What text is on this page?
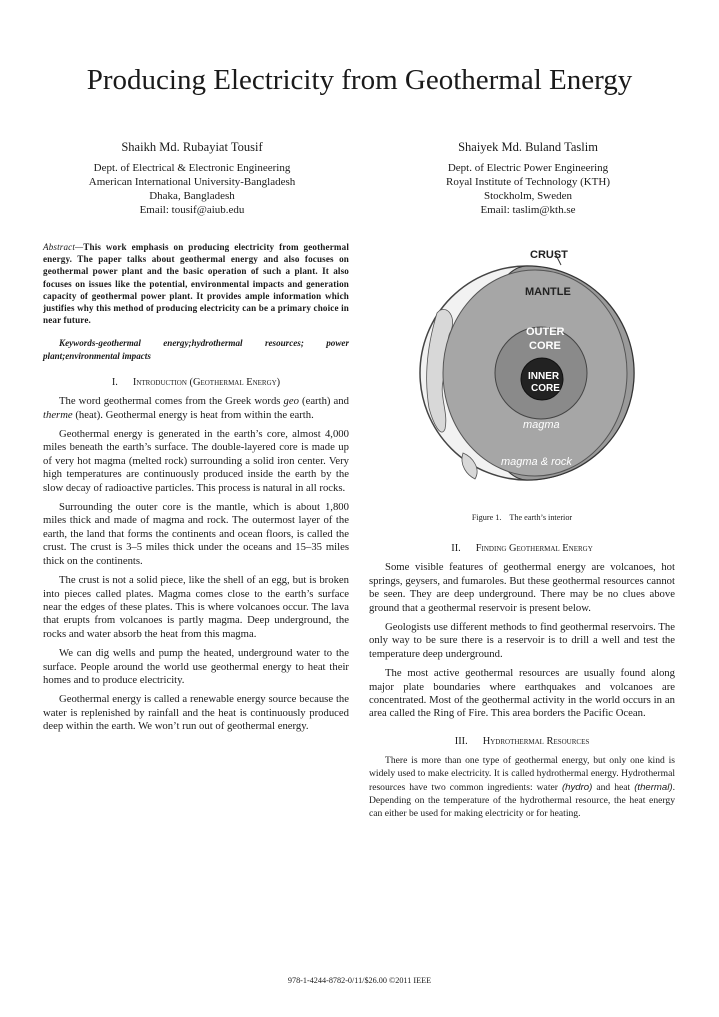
Producing Electricity from Geothermal Energy
Shaikh Md. Rubayiat Tousif
Dept. of Electrical & Electronic Engineering
American International University-Bangladesh
Dhaka, Bangladesh
Email: tousif@aiub.edu
Shaiyek Md. Buland Taslim
Dept. of Electric Power Engineering
Royal Institute of Technology (KTH)
Stockholm, Sweden
Email: taslim@kth.se
Abstract—This work emphasis on producing electricity from geothermal energy. The paper talks about geothermal energy and also focuses on geothermal power plant and the basic operation of such a plant. It also focuses on issues like the potential, environmental impacts and generation capacity of geothermal power plant. It provides ample information which justifies why this method of producing electricity can be a primary choice in near future.
Keywords-geothermal energy;hydrothermal resources; power plant;environmental impacts
I. Introduction (Geothermal Energy)

The word geothermal comes from the Greek words geo (earth) and therme (heat). Geothermal energy is heat from within the earth.

Geothermal energy is generated in the earth’s core, almost 4,000 miles beneath the earth’s surface. The double-layered core is made up of very hot magma (melted rock) surrounding a solid iron center. Very high temperatures are continuously produced inside the earth by the slow decay of radioactive particles. This process is natural in all rocks.

Surrounding the outer core is the mantle, which is about 1,800 miles thick and made of magma and rock. The outermost layer of the earth, the land that forms the continents and ocean floors, is called the crust. The crust is 3–5 miles thick under the oceans and 15–35 miles thick on the continents.

The crust is not a solid piece, like the shell of an egg, but is broken into pieces called plates. Magma comes close to the earth’s surface near the edges of these plates. This is where volcanoes occur. The lava that erupts from volcanoes is partly magma. Deep underground, the rocks and water absorb the heat from this magma.

We can dig wells and pump the heated, underground water to the surface. People around the world use geothermal energy to heat their homes and to produce electricity.

Geothermal energy is called a renewable energy source because the water is replenished by rainfall and the heat is continuously produced deep within the earth. We won’t run out of geothermal energy.

CRUST
MANTLE
OUTER
CORE
INNER
CORE
magma
magma & rock
Figure 1. The earth’s interior
II. Finding Geothermal Energy

Some visible features of geothermal energy are volcanoes, hot springs, geysers, and fumaroles. But these geothermal resources cannot be seen. They are deep underground. There may be no clues above ground that a geothermal reservoir is present below.

Geologists use different methods to find geothermal reservoirs. The only way to be sure there is a reservoir is to drill a well and test the temperature deep underground.

The most active geothermal resources are usually found along major plate boundaries where earthquakes and volcanoes are concentrated. Most of the geothermal activity in the world occurs in an area called the Ring of Fire. This area borders the Pacific Ocean.

III. Hydrothermal Resources

There is more than one type of geothermal energy, but only one kind is widely used to make electricity. It is called hydrothermal energy. Hydrothermal resources have two common ingredients: water (hydro) and heat (thermal). Depending on the temperature of the hydrothermal resource, the heat energy can either be used for making electricity or for heating.

978-1-4244-8782-0/11/$26.00 ©2011 IEEE
